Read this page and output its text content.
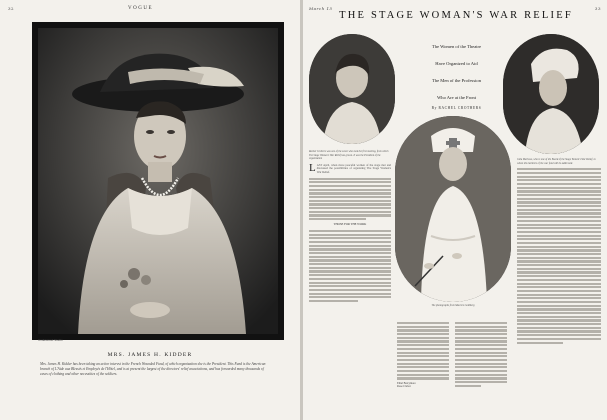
32	VOGUE
Underwood Studio
MRS. JAMES H. KIDDER
Mrs. James H. Kidder has been taking an active interest in the French Wounded Fund, of which organization she is the President. This Fund is the American branch of L'Aide aux Blessés et Employés de l'Hôtel, and is at present the largest of the directors' relief associations, and has forwarded many thousands of cases of clothing and other necessities of the soldiers.
March 15	33
THE STAGE WOMAN'S WAR RELIEF
The Women of the Theatre
Have Organized to Aid
The Men of the Profession
Who Are at the Front
By RACHEL CROTHERS
The photographs from Maurice Goldberg
Rachel Crothers was one of the seven who took the first meeting, from which The Stage Woman's War Relief has grown. It was the President of the organization
L AST April, when more peaceful women of the stage met and discussed the possibilities of organizing The Stage Women's War Relief.
THOSE FOR THE WORK
Ethel Barrymore
Rose Claber
Julia Marlowe, who is one of the Board of the Stage Women's War Relief, to whom the members of the war fund will be addressed.
